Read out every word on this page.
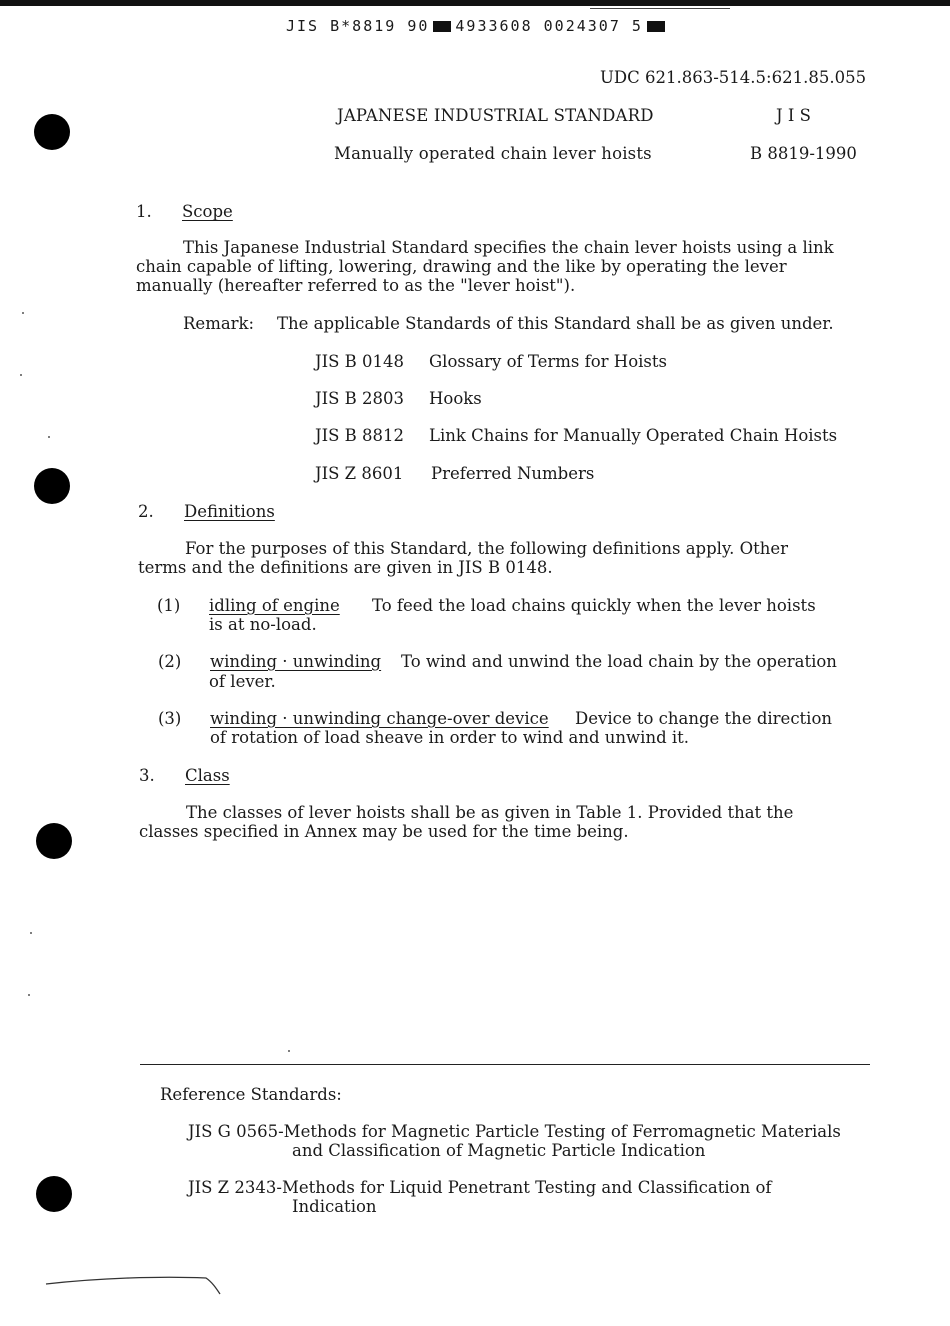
JIS B*8819 90 4933608 0024307 5
UDC 621.863-514.5:621.85.055
JAPANESE INDUSTRIAL STANDARD	J I S
Manually operated chain lever hoists	B 8819-1990
1. Scope
This Japanese Industrial Standard specifies the chain lever hoists using a link
chain capable of lifting, lowering, drawing and the like by operating the lever
manually (hereafter referred to as the "lever hoist").
Remark: The applicable Standards of this Standard shall be as given under.
JIS B 0148 Glossary of Terms for Hoists
JIS B 2803 Hooks
JIS B 8812 Link Chains for Manually Operated Chain Hoists
JIS Z 8601 Preferred Numbers
2. Definitions
For the purposes of this Standard, the following definitions apply. Other
terms and the definitions are given in JIS B 0148.
(1) idling of engine To feed the load chains quickly when the lever hoists
is at no-load.
(2) winding · unwinding To wind and unwind the load chain by the operation
of lever.
(3) winding · unwinding change-over device Device to change the direction
of rotation of load sheave in order to wind and unwind it.
3. Class
The classes of lever hoists shall be as given in Table 1. Provided that the
classes specified in Annex may be used for the time being.
Reference Standards:
JIS G 0565-Methods for Magnetic Particle Testing of Ferromagnetic Materials
and Classification of Magnetic Particle Indication
JIS Z 2343-Methods for Liquid Penetrant Testing and Classification of
Indication
